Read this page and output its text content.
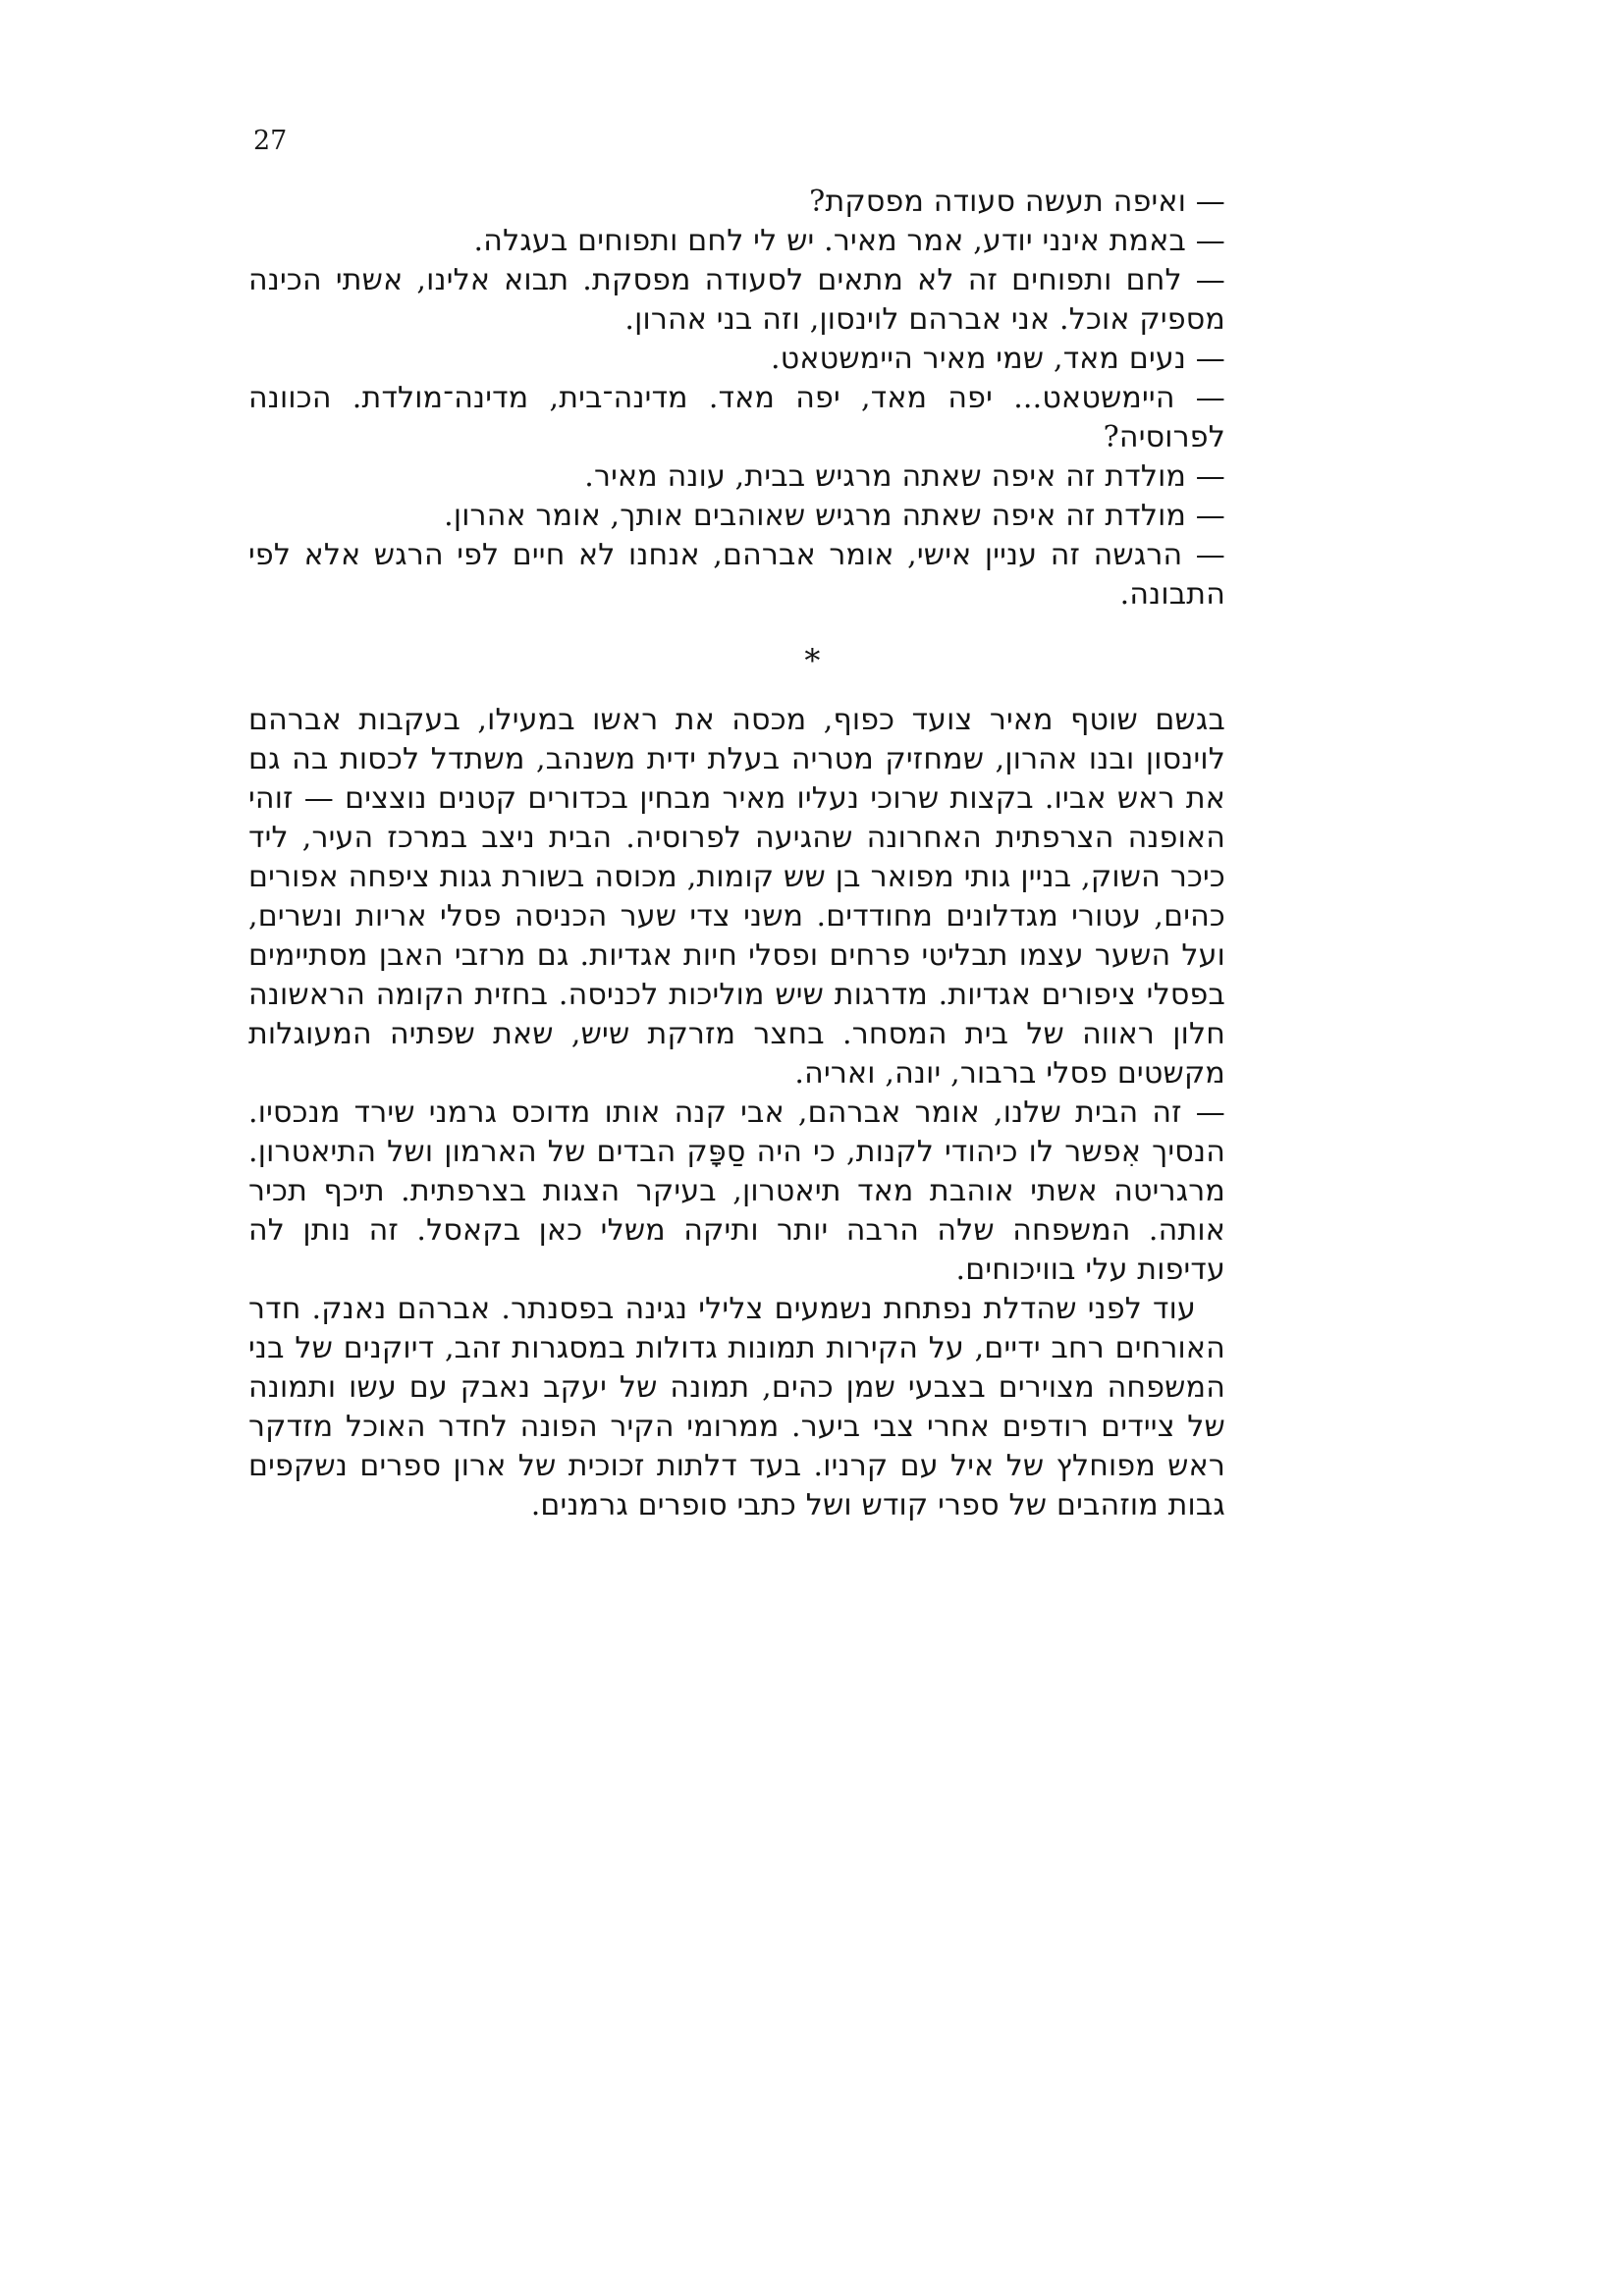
27

— ואיפה תעשה סעודה מפסקת?

— באמת אינני יודע, אמר מאיר. יש לי לחם ותפוחים בעגלה.

— לחם ותפוחים זה לא מתאים לסעודה מפסקת. תבוא אלינו, אשתי הכינה מספיק אוכל. אני אברהם לוינסון, וזה בני אהרון.

— נעים מאד, שמי מאיר היימשטאט.

— היימשטאט... יפה מאד, יפה מאד. מדינה־בית, מדינה־מולדת. הכוונה לפרוסיה?

— מולדת זה איפה שאתה מרגיש בבית, עונה מאיר.

— מולדת זה איפה שאתה מרגיש שאוהבים אותך, אומר אהרון.

— הרגשה זה עניין אישי, אומר אברהם, אנחנו לא חיים לפי הרגש אלא לפי התבונה.

*

בגשם שוטף מאיר צועד כפוף, מכסה את ראשו במעילו, בעקבות אברהם לוינסון ובנו אהרון, שמחזיק מטריה בעלת ידית משנהב, משתדל לכסות בה גם את ראש אביו. בקצות שרוכי נעליו מאיר מבחין בכדורים קטנים נוצצים — זוהי האופנה הצרפתית האחרונה שהגיעה לפרוסיה. הבית ניצב במרכז העיר, ליד כיכר השוק, בניין גותי מפואר בן שש קומות, מכוסה בשורת גגות ציפחה אפורים כהים, עטורי מגדלונים מחודדים. משני צדי שער הכניסה פסלי אריות ונשרים, ועל השער עצמו תבליטי פרחים ופסלי חיות אגדיות. גם מרזבי האבן מסתיימים בפסלי ציפורים אגדיות. מדרגות שיש מוליכות לכניסה. בחזית הקומה הראשונה חלון ראווה של בית המסחר. בחצר מזרקת שיש, שאת שפתיה המעוגלות מקשטים פסלי ברבור, יונה, ואריה.

— זה הבית שלנו, אומר אברהם, אבי קנה אותו מדוכס גרמני שירד מנכסיו. הנסיך אִפשר לו כיהודי לקנות, כי היה סַפָּק הבדים של הארמון ושל התיאטרון. מרגריטה אשתי אוהבת מאד תיאטרון, בעיקר הצגות בצרפתית. תיכף תכיר אותה. המשפחה שלה הרבה יותר ותיקה משלי כאן בקאסל. זה נותן לה עדיפות עלי בוויכוחים.

עוד לפני שהדלת נפתחת נשמעים צלילי נגינה בפסנתר. אברהם נאנק. חדר האורחים רחב ידיים, על הקירות תמונות גדולות במסגרות זהב, דיוקנים של בני המשפחה מצוירים בצבעי שמן כהים, תמונה של יעקב נאבק עם עשו ותמונה של ציידים רודפים אחרי צבי ביער. ממרומי הקיר הפונה לחדר האוכל מזדקר ראש מפוחלץ של איל עם קרניו. בעד דלתות זכוכית של ארון ספרים נשקפים גבות מוזהבים של ספרי קודש ושל כתבי סופרים גרמנים.
